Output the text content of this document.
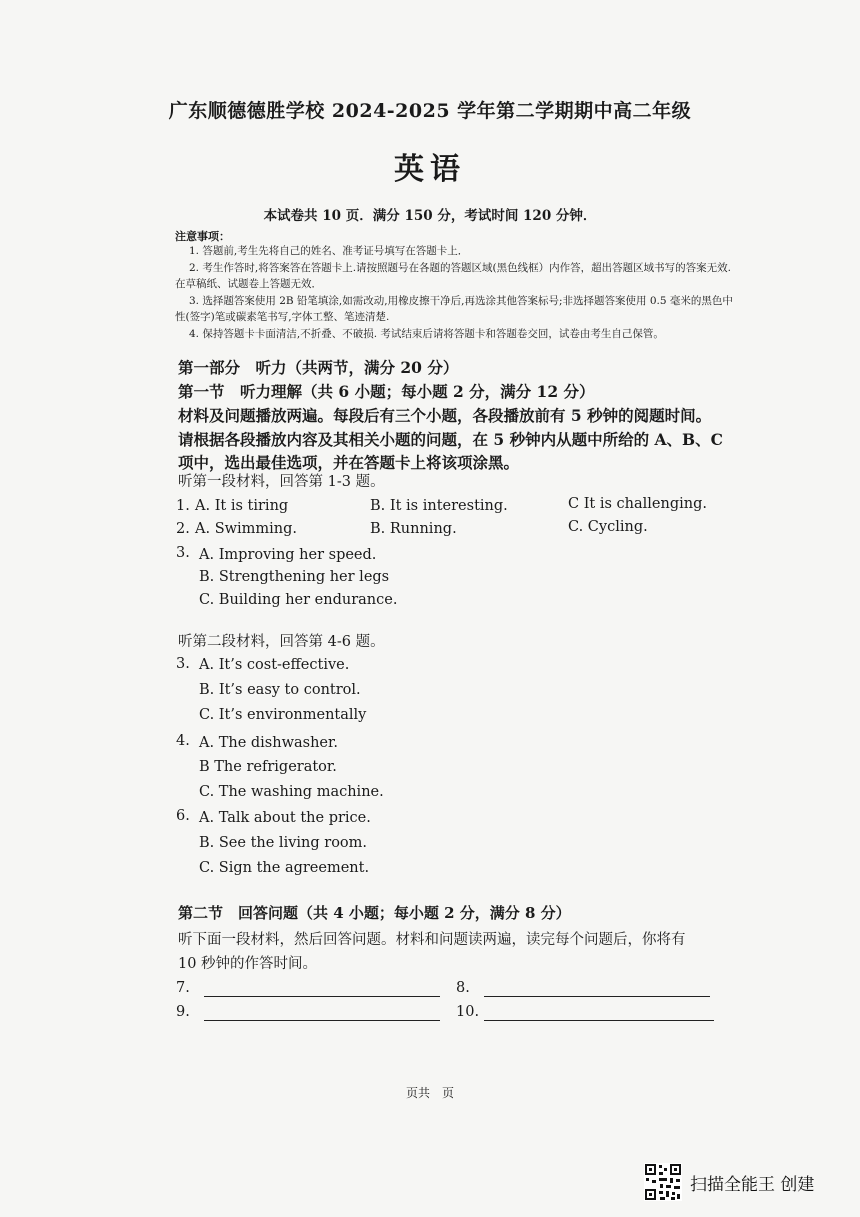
广东顺德德胜学校 2024-2025 学年第二学期期中高二年级
英语
本试卷共 10 页．满分 150 分，考试时间 120 分钟．
注意事项：

1. 答题前,考生先将自己的姓名、准考证号填写在答题卡上．

2. 考生作答时,将答案答在答题卡上.请按照题号在各题的答题区域(黑色线框）内作答，超出答题区域书写的答案无效.在草稿纸、试题卷上答题无效．

3. 选择题答案使用 2B 铅笔填涂,如需改动,用橡皮擦干净后,再选涂其他答案标号;非选择题答案使用 0.5 毫米的黑色中性(签字)笔或碳素笔书写,字体工整、笔迹清楚.

4. 保持答题卡卡面清洁,不折叠、不破损. 考试结束后请将答题卡和答题卷交回，试卷由考生自己保管。

第一部分　听力（共两节，满分 20 分）
第一节　听力理解（共 6 小题；每小题 2 分，满分 12 分）

材料及问题播放两遍。每段后有三个小题，各段播放前有 5 秒钟的阅题时间。

请根据各段播放内容及其相关小题的问题，在 5 秒钟内从题中所给的 A、B、C

项中，选出最佳选项，并在答题卡上将该项涂黑。

听第一段材料，回答第 1-3 题。
1. A. It is tiring	B. It is interesting.	C It is challenging.
2. A. Swimming.	B. Running.	C. Cycling.
3. A. Improving her speed.
B. Strengthening her legs
C. Building her endurance.
听第二段材料，回答第 4-6 题。
3. A. It’s cost-effective.
B. It’s easy to control.
C. It’s environmentally
4. A. The dishwasher.
B The refrigerator.
C. The washing machine.
6. A. Talk about the price.
B. See the living room.
C. Sign the agreement.
第二节　回答问题（共 4 小题；每小题 2 分，满分 8 分）

听下面一段材料，然后回答问题。材料和问题读两遍，读完每个问题后，你将有

10 秒钟的作答时间。

7.	8.
9.	10.
页共　页
扫描全能王 创建
